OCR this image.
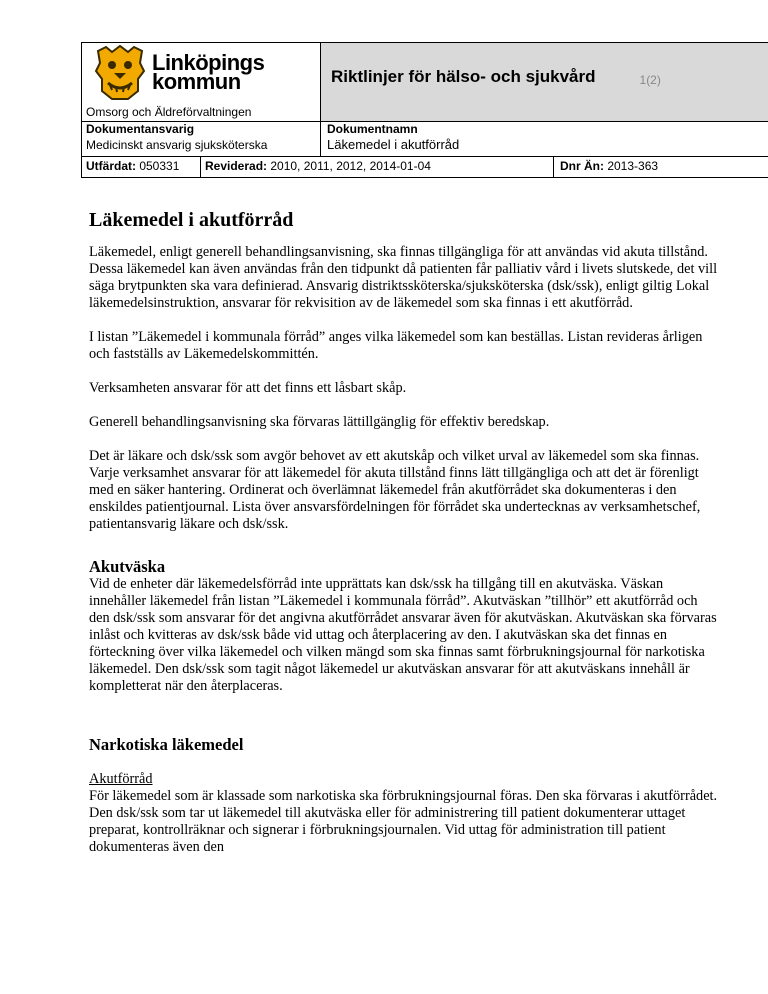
Linköpings
kommun
Omsorg och Äldreförvaltningen
Riktlinjer för hälso- och sjukvård	1(2)
Dokumentansvarig
Medicinskt ansvarig sjuksköterska
Dokumentnamn
Läkemedel i akutförråd
Utfärdat: 050331	Reviderad: 2010, 2011, 2012, 2014-01-04	Dnr Än: 2013-363
Läkemedel i akutförråd

Läkemedel, enligt generell behandlingsanvisning, ska finnas tillgängliga för att användas vid akuta tillstånd. Dessa läkemedel kan även användas från den tidpunkt då patienten får palliativ vård i livets slutskede, det vill säga brytpunkten ska vara definierad. Ansvarig distriktssköterska/sjuksköterska (dsk/ssk), enligt giltig Lokal läkemedelsinstruktion, ansvarar för rekvisition av de läkemedel som ska finnas i ett akutförråd.

I listan ”Läkemedel i kommunala förråd” anges vilka läkemedel som kan beställas. Listan revideras årligen och fastställs av Läkemedelskommittén.

Verksamheten ansvarar för att det finns ett låsbart skåp.

Generell behandlingsanvisning ska förvaras lättillgänglig för effektiv beredskap.

Det är läkare och dsk/ssk som avgör behovet av ett akutskåp och vilket urval av läkemedel som ska finnas. Varje verksamhet ansvarar för att läkemedel för akuta tillstånd finns lätt tillgängliga och att det är förenligt med en säker hantering. Ordinerat och överlämnat läkemedel från akutförrådet ska dokumenteras i den enskildes patientjournal. Lista över ansvarsfördelningen för förrådet ska undertecknas av verksamhetschef, patientansvarig läkare och dsk/ssk.

Akutväska

Vid de enheter där läkemedelsförråd inte upprättats kan dsk/ssk ha tillgång till en akutväska. Väskan innehåller läkemedel från listan ”Läkemedel i kommunala förråd”. Akutväskan ”tillhör” ett akutförråd och den dsk/ssk som ansvarar för det angivna akutförrådet ansvarar även för akutväskan. Akutväskan ska förvaras inlåst och kvitteras av dsk/ssk både vid uttag och återplacering av den. I akutväskan ska det finnas en förteckning över vilka läkemedel och vilken mängd som ska finnas samt förbrukningsjournal för narkotiska läkemedel. Den dsk/ssk som tagit något läkemedel ur akutväskan ansvarar för att akutväskans innehåll är kompletterat när den återplaceras.

Narkotiska läkemedel
Akutförråd

För läkemedel som är klassade som narkotiska ska förbrukningsjournal föras. Den ska förvaras i akutförrådet. Den dsk/ssk som tar ut läkemedel till akutväska eller för administrering till patient dokumenterar uttaget preparat, kontrollräknar och signerar i förbrukningsjournalen. Vid uttag för administration till patient dokumenteras även den
